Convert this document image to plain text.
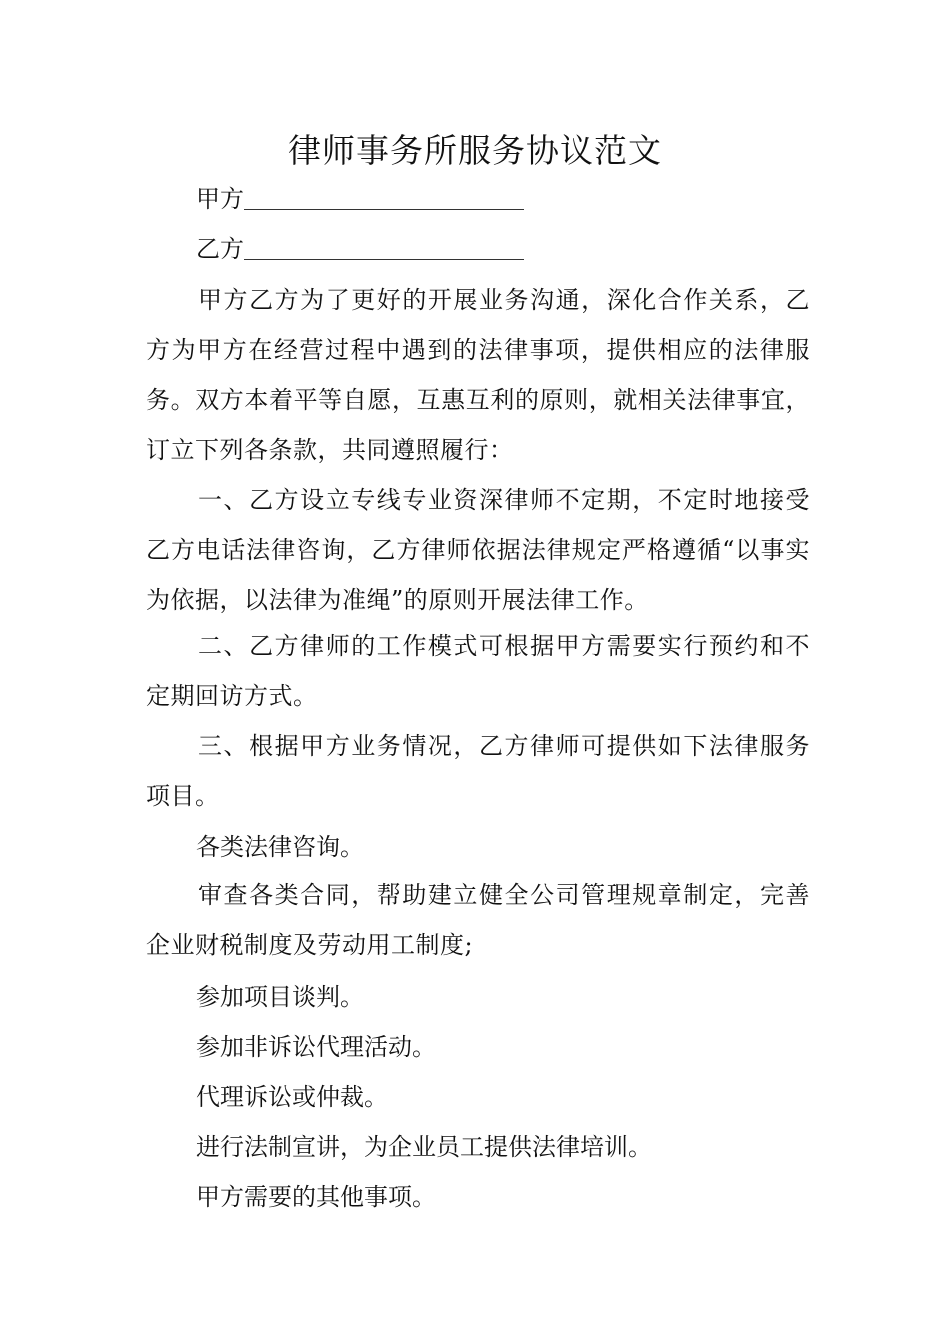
律师事务所服务协议范文
甲方
乙方

甲方乙方为了更好的开展业务沟通，深化合作关系，乙方为甲方在经营过程中遇到的法律事项，提供相应的法律服务。双方本着平等自愿，互惠互利的原则，就相关法律事宜，订立下列各条款，共同遵照履行：

一、乙方设立专线专业资深律师不定期，不定时地接受乙方电话法律咨询，乙方律师依据法律规定严格遵循“以事实为依据，以法律为准绳”的原则开展法律工作。

二、乙方律师的工作模式可根据甲方需要实行预约和不定期回访方式。

三、根据甲方业务情况，乙方律师可提供如下法律服务项目。

各类法律咨询。

审查各类合同，帮助建立健全公司管理规章制定，完善企业财税制度及劳动用工制度;

参加项目谈判。

参加非诉讼代理活动。

代理诉讼或仲裁。

进行法制宣讲，为企业员工提供法律培训。

甲方需要的其他事项。
